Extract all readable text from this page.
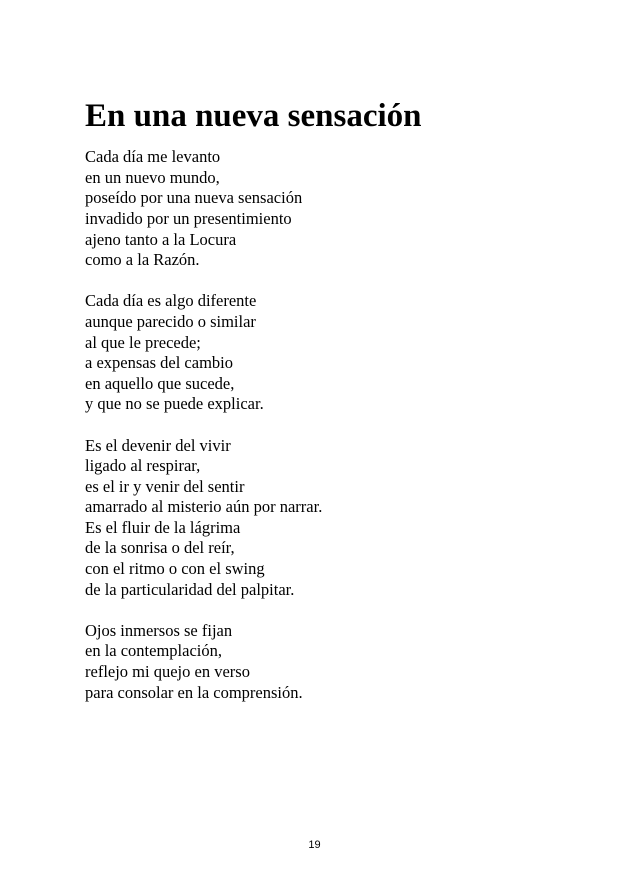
En una nueva sensación
Cada día me levanto
en un nuevo mundo,
poseído por una nueva sensación
invadido por un presentimiento
ajeno tanto a la Locura
como a la Razón.
Cada día es algo diferente
aunque parecido o similar
al que le precede;
a expensas del cambio
en aquello que sucede,
y que no se puede explicar.
Es el devenir del vivir
ligado al respirar,
es el ir y venir del sentir
amarrado al misterio aún por narrar.
Es el fluir de la lágrima
de la sonrisa o del reír,
con el ritmo o con el swing
de la particularidad del palpitar.
Ojos inmersos se fijan
en la contemplación,
reflejo mi quejo en verso
para consolar en la comprensión.
19
